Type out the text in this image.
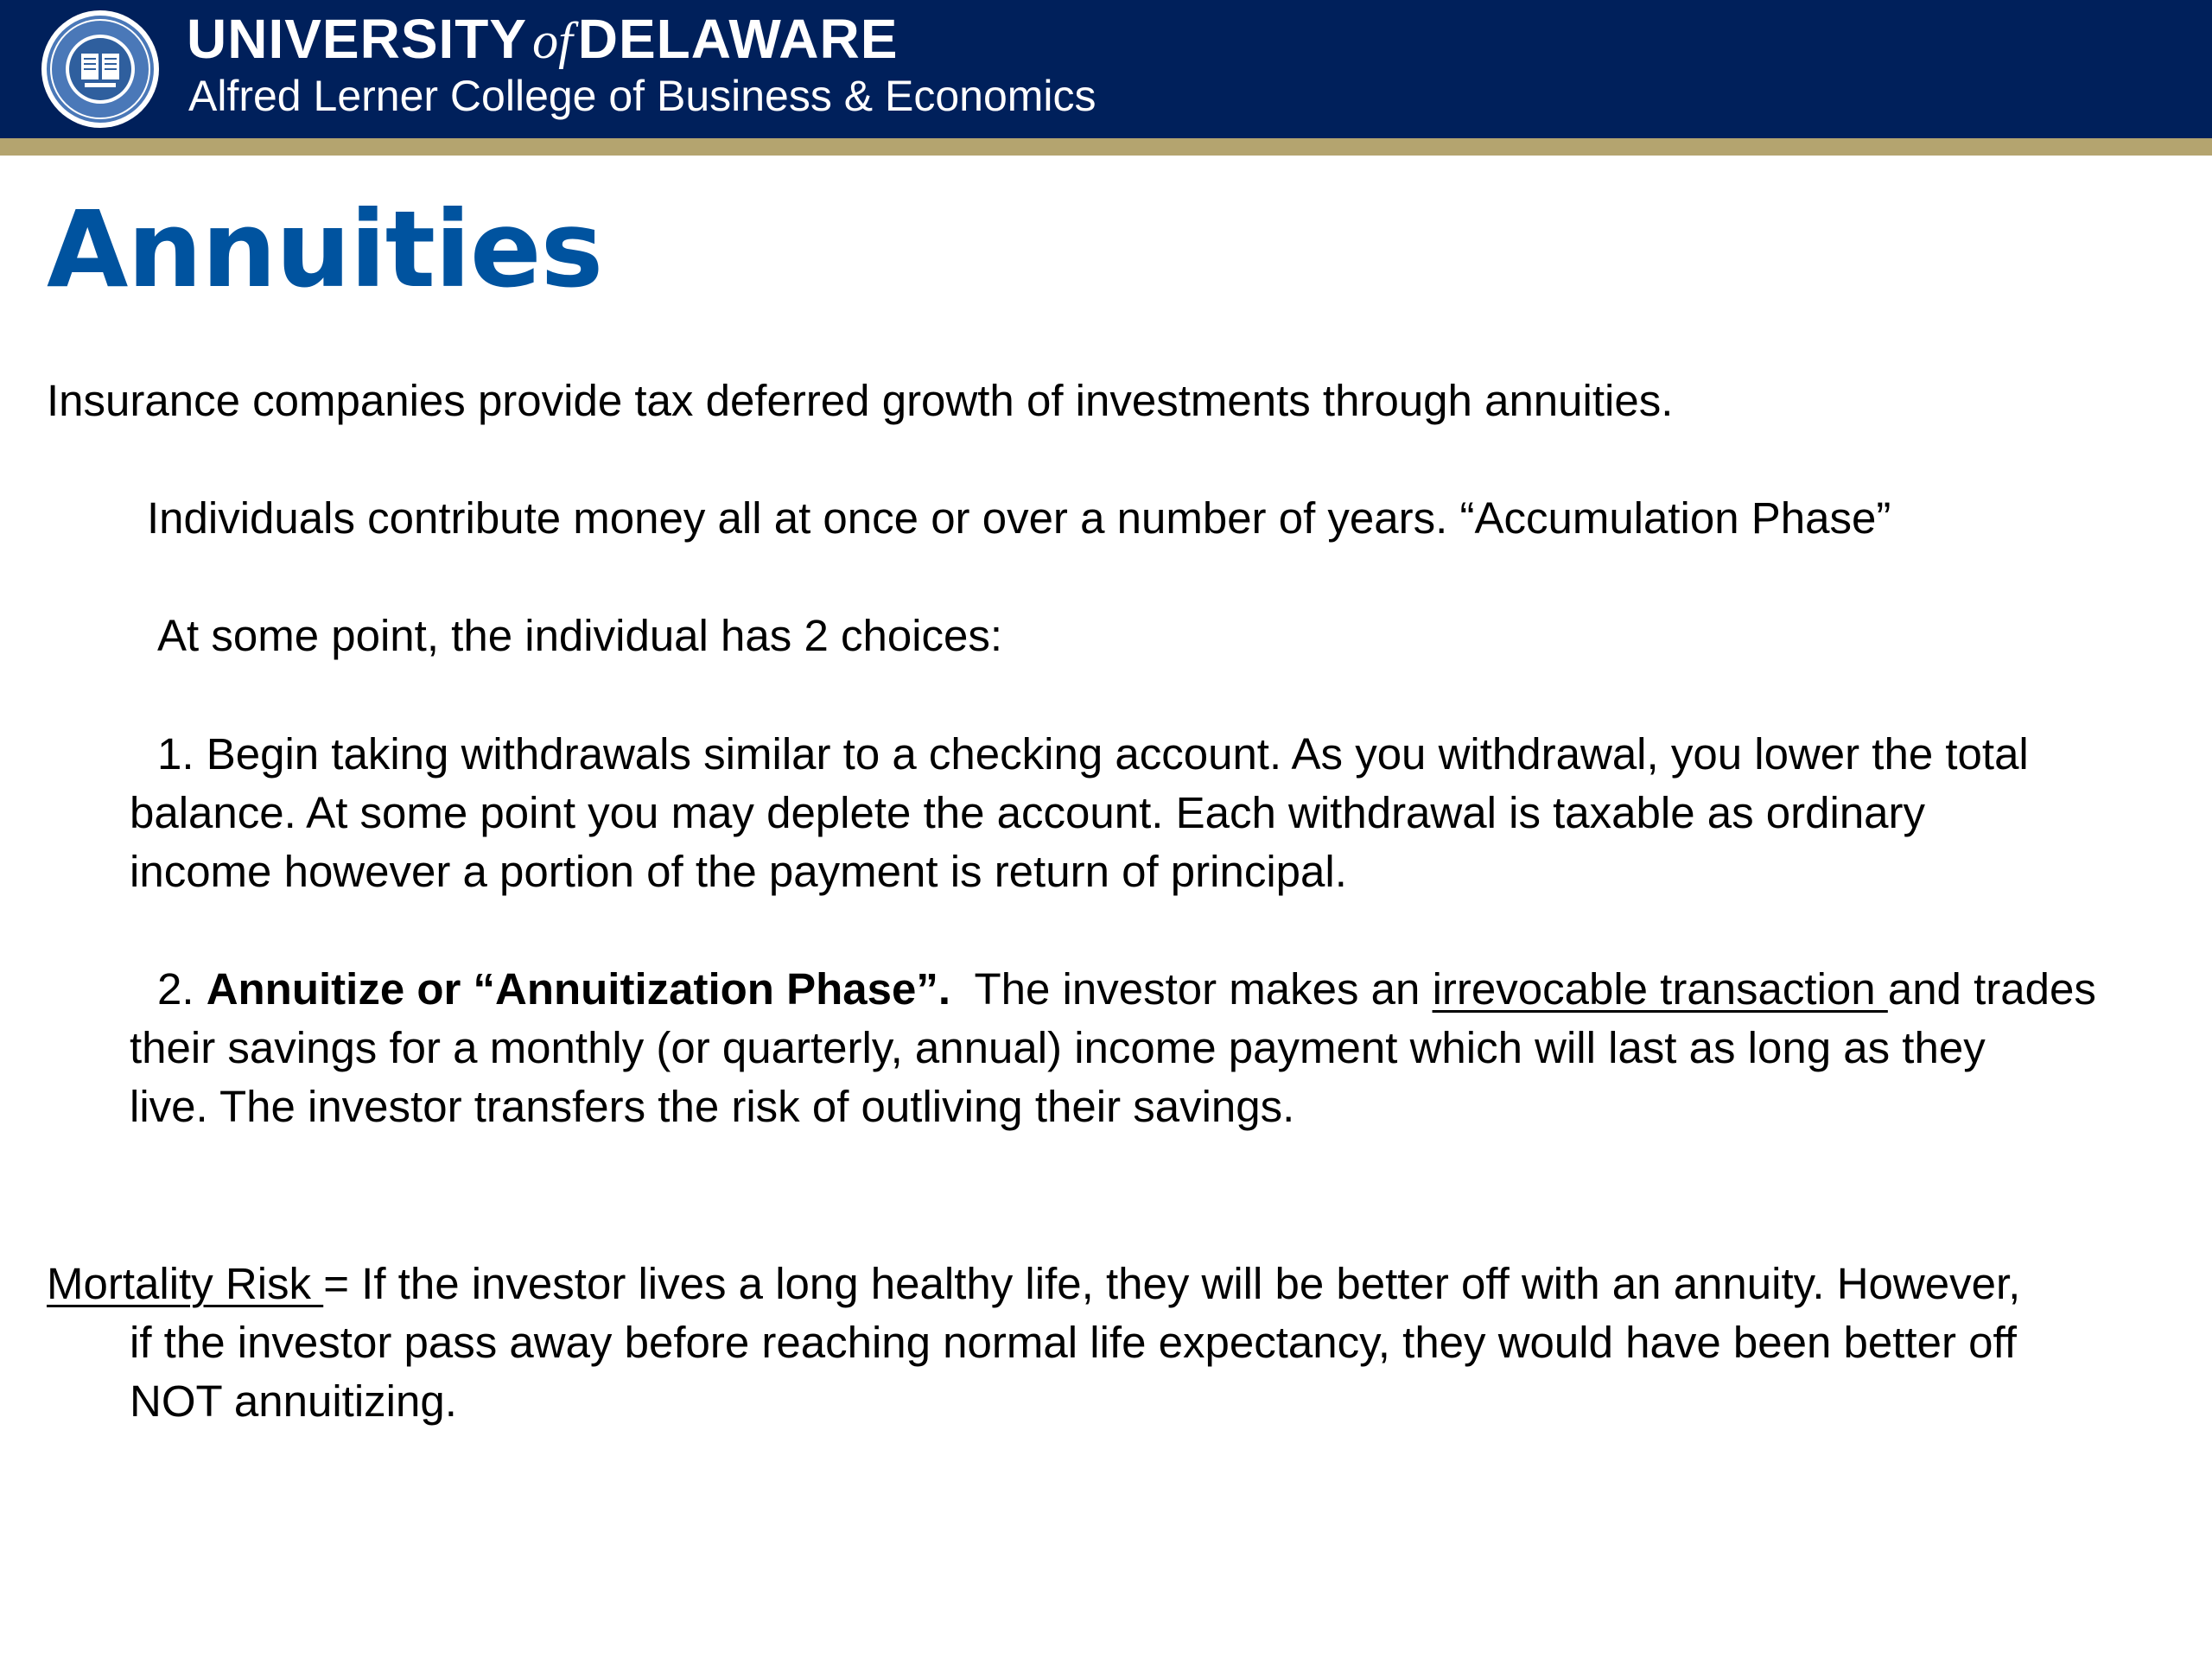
UNIVERSITY ofDELAWARE
Alfred Lerner College of Business & Economics
Annuities
Insurance companies provide tax deferred growth of investments through annuities.
Individuals contribute money all at once or over a number of years. “Accumulation Phase”
At some point, the individual has 2 choices:
1. Begin taking withdrawals similar to a checking account. As you withdrawal, you lower the total
balance. At some point you may deplete the account. Each withdrawal is taxable as ordinary
income however a portion of the payment is return of principal.
2. Annuitize or “Annuitization Phase”.  The investor makes an irrevocable transaction and trades
their savings for a monthly (or quarterly, annual) income payment which will last as long as they
live. The investor transfers the risk of outliving their savings.
Mortality Risk = If the investor lives a long healthy life, they will be better off with an annuity. However,
if the investor pass away before reaching normal life expectancy, they would have been better off
NOT annuitizing.
